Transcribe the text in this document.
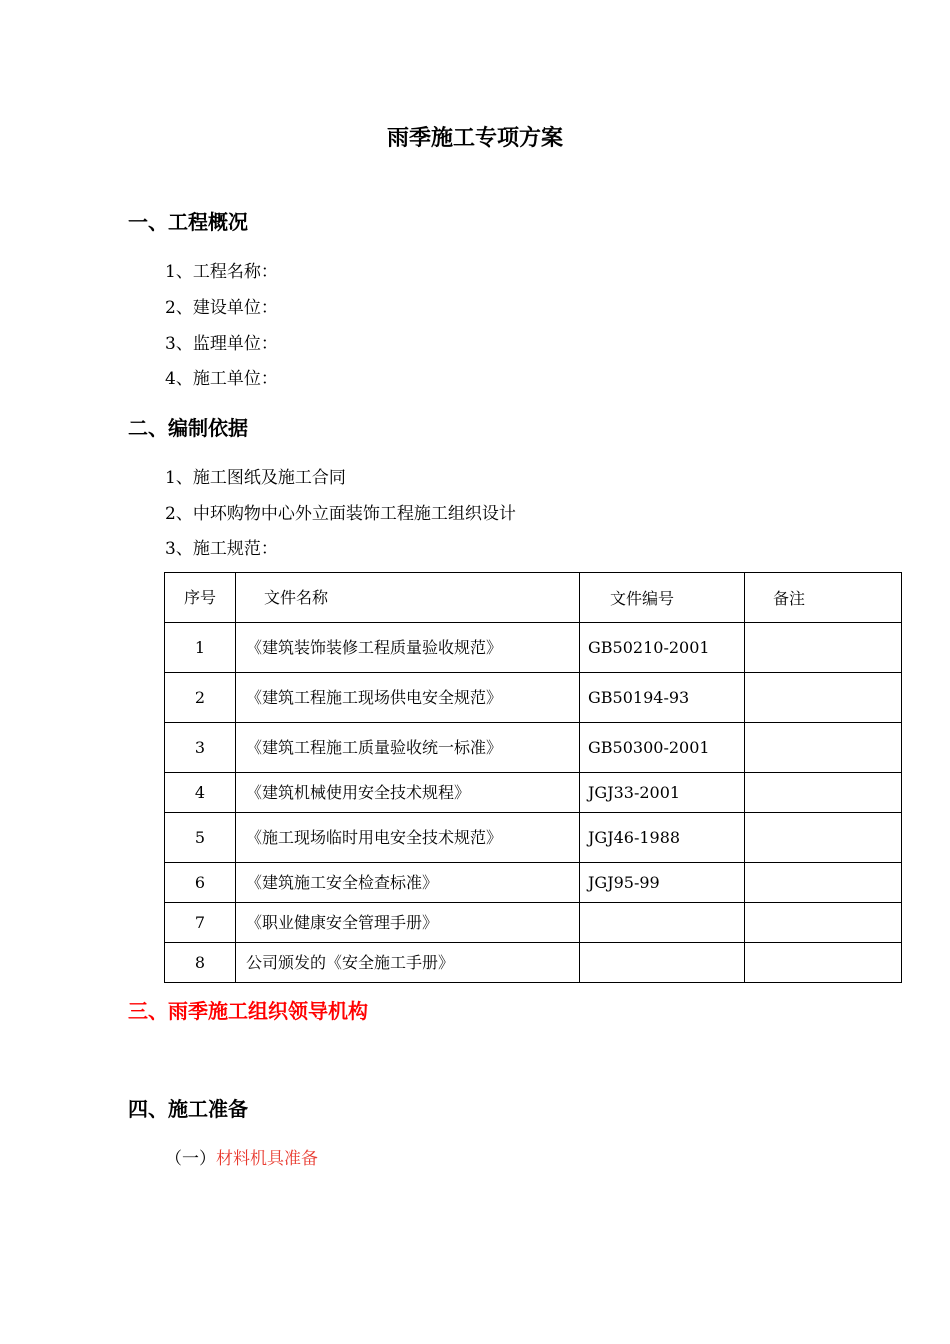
雨季施工专项方案
一、工程概况
1、工程名称：
2、建设单位：
3、监理单位：
4、施工单位：
二、编制依据
1、施工图纸及施工合同
2、中环购物中心外立面装饰工程施工组织设计
3、施工规范：
序号	文件名称	文件编号	备注
1	《建筑装饰装修工程质量验收规范》	GB50210-2001	
2	《建筑工程施工现场供电安全规范》	GB50194-93	
3	《建筑工程施工质量验收统一标准》	GB50300-2001	
4	《建筑机械使用安全技术规程》	JGJ33-2001	
5	《施工现场临时用电安全技术规范》	JGJ46-1988	
6	《建筑施工安全检查标准》	JGJ95-99	
7	《职业健康安全管理手册》		
8	公司颁发的《安全施工手册》		
三、雨季施工组织领导机构
四、施工准备
（一）材料机具准备
